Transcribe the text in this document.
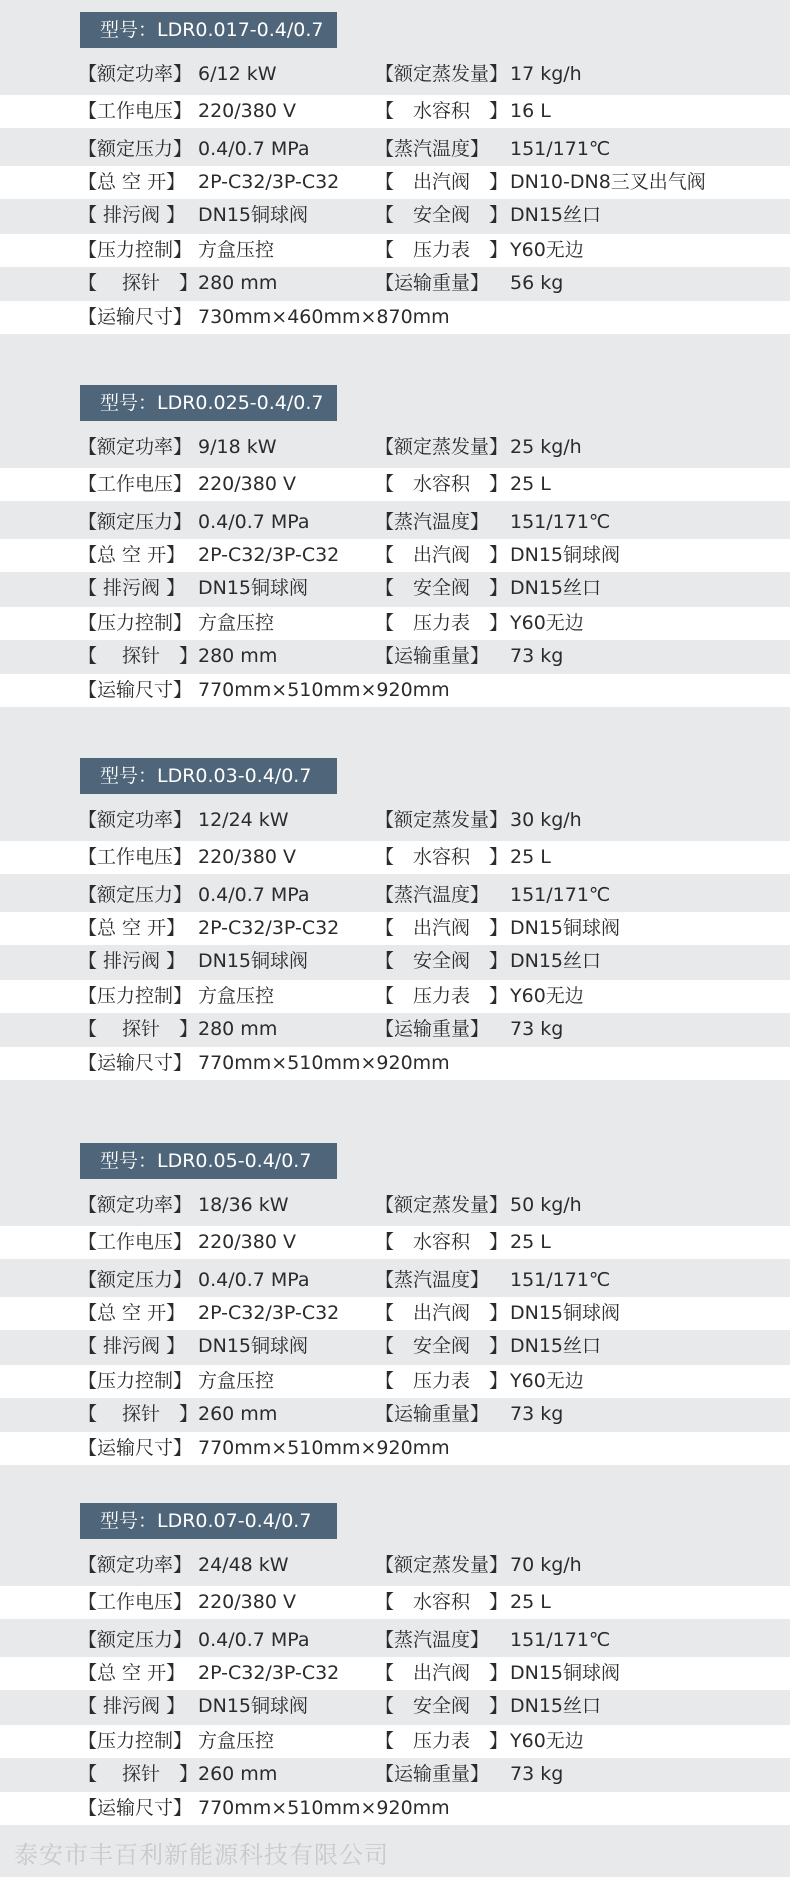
型号：LDR0.017-0.4/0.7
【额定功率】 6/12 kW	【额定蒸发量】 17 kg/h
【工作电压】 220/380 V	【　水容积　】 16 L
【额定压力】 0.4/0.7 MPa	【蒸汽温度】 151/171℃
【总 空 开】 2P-C32/3P-C32 【　出汽阀　】 DN10-DN8三叉出气阀
【 排污阀 】 DN15铜球阀	【　安全阀　】 DN15丝口
【压力控制】 方盒压控	【　压力表　】 Y60无边
【　 探针　】 280 mm	【运输重量】 56 kg
【运输尺寸】 730mm×460mm×870mm
型号：LDR0.025-0.4/0.7
【额定功率】 9/18 kW	【额定蒸发量】 25 kg/h
【工作电压】 220/380 V	【　水容积　】 25 L
【额定压力】 0.4/0.7 MPa	【蒸汽温度】 151/171℃
【总 空 开】 2P-C32/3P-C32 【　出汽阀　】 DN15铜球阀
【 排污阀 】 DN15铜球阀	【　安全阀　】 DN15丝口
【压力控制】 方盒压控	【　压力表　】 Y60无边
【　 探针　】 280 mm	【运输重量】 73 kg
【运输尺寸】 770mm×510mm×920mm
型号：LDR0.03-0.4/0.7
【额定功率】 12/24 kW	【额定蒸发量】 30 kg/h
【工作电压】 220/380 V	【　水容积　】 25 L
【额定压力】 0.4/0.7 MPa	【蒸汽温度】 151/171℃
【总 空 开】 2P-C32/3P-C32 【　出汽阀　】 DN15铜球阀
【 排污阀 】 DN15铜球阀	【　安全阀　】 DN15丝口
【压力控制】 方盒压控	【　压力表　】 Y60无边
【　 探针　】 280 mm	【运输重量】 73 kg
【运输尺寸】 770mm×510mm×920mm
型号：LDR0.05-0.4/0.7
【额定功率】 18/36 kW	【额定蒸发量】 50 kg/h
【工作电压】 220/380 V	【　水容积　】 25 L
【额定压力】 0.4/0.7 MPa	【蒸汽温度】 151/171℃
【总 空 开】 2P-C32/3P-C32 【　出汽阀　】 DN15铜球阀
【 排污阀 】 DN15铜球阀	【　安全阀　】 DN15丝口
【压力控制】 方盒压控	【　压力表　】 Y60无边
【　 探针　】 260 mm	【运输重量】 73 kg
【运输尺寸】 770mm×510mm×920mm
型号：LDR0.07-0.4/0.7
【额定功率】 24/48 kW	【额定蒸发量】 70 kg/h
【工作电压】 220/380 V	【　水容积　】 25 L
【额定压力】 0.4/0.7 MPa	【蒸汽温度】 151/171℃
【总 空 开】 2P-C32/3P-C32 【　出汽阀　】 DN15铜球阀
【 排污阀 】 DN15铜球阀	【　安全阀　】 DN15丝口
【压力控制】 方盒压控	【　压力表　】 Y60无边
【　 探针　】 260 mm	【运输重量】 73 kg
【运输尺寸】 770mm×510mm×920mm
泰安市丰百利新能源科技有限公司
